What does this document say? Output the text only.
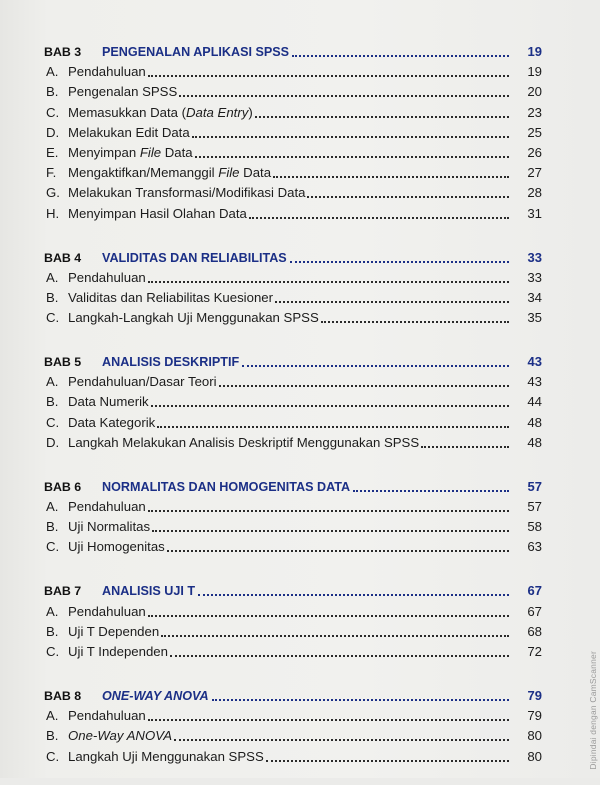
BAB 3	PENGENALAN APLIKASI SPSS	19
A. Pendahuluan	19
B. Pengenalan SPSS	20
C. Memasukkan Data (Data Entry)	23
D. Melakukan Edit Data	25
E. Menyimpan File Data	26
F. Mengaktifkan/Memanggil File Data	27
G. Melakukan Transformasi/Modifikasi Data	28
H. Menyimpan Hasil Olahan Data	31
BAB 4	VALIDITAS DAN RELIABILITAS	33
A. Pendahuluan	33
B. Validitas dan Reliabilitas Kuesioner	34
C. Langkah-Langkah Uji Menggunakan SPSS	35
BAB 5	ANALISIS DESKRIPTIF	43
A. Pendahuluan/Dasar Teori	43
B. Data Numerik	44
C. Data Kategorik	48
D. Langkah Melakukan Analisis Deskriptif Menggunakan SPSS	48
BAB 6	NORMALITAS DAN HOMOGENITAS DATA	57
A. Pendahuluan	57
B. Uji Normalitas	58
C. Uji Homogenitas	63
BAB 7	ANALISIS UJI T	67
A. Pendahuluan	67
B. Uji T Dependen	68
C. Uji T Independen	72
BAB 8	ONE-WAY ANOVA	79
A. Pendahuluan	79
B. One-Way ANOVA	80
C. Langkah Uji Menggunakan SPSS	80	Dipindai dengan CamScanner
